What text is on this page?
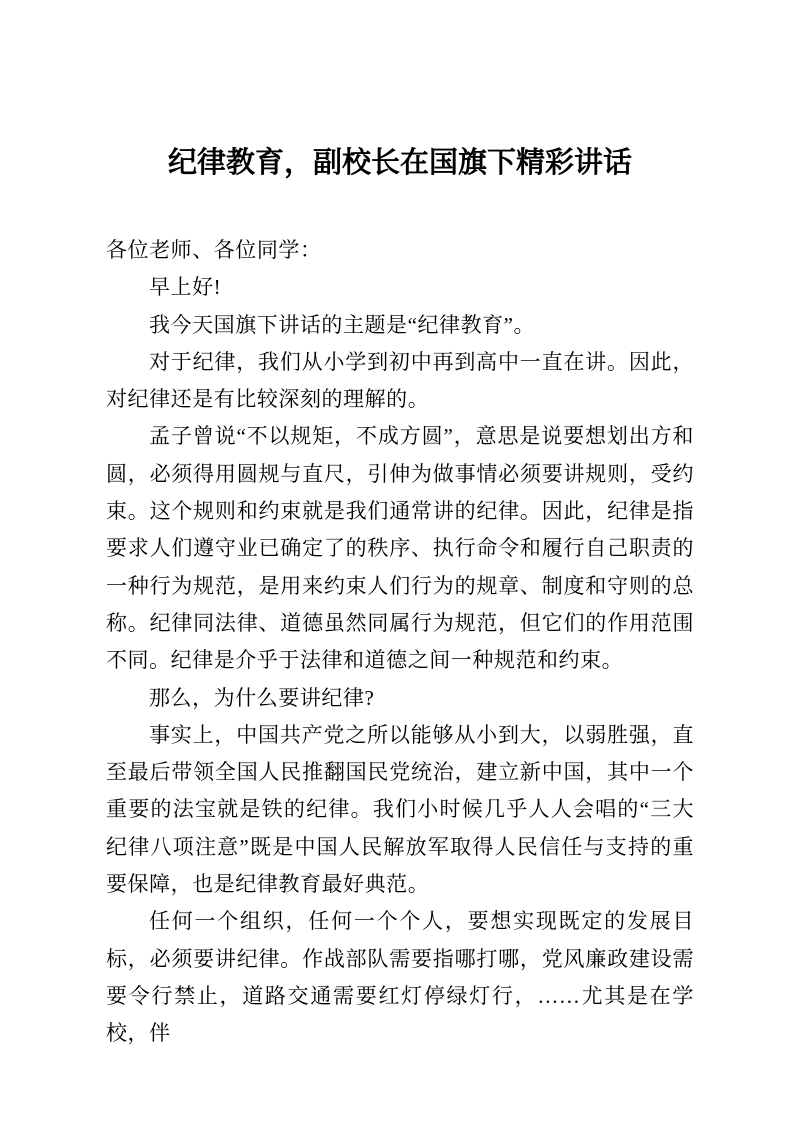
纪律教育，副校长在国旗下精彩讲话

各位老师、各位同学：

早上好!

我今天国旗下讲话的主题是“纪律教育”。

对于纪律，我们从小学到初中再到高中一直在讲。因此，对纪律还是有比较深刻的理解的。

孟子曾说“不以规矩，不成方圆”，意思是说要想划出方和圆，必须得用圆规与直尺，引伸为做事情必须要讲规则，受约束。这个规则和约束就是我们通常讲的纪律。因此，纪律是指要求人们遵守业已确定了的秩序、执行命令和履行自己职责的一种行为规范，是用来约束人们行为的规章、制度和守则的总称。纪律同法律、道德虽然同属行为规范，但它们的作用范围不同。纪律是介乎于法律和道德之间一种规范和约束。

那么，为什么要讲纪律?

事实上，中国共产党之所以能够从小到大，以弱胜强，直至最后带领全国人民推翻国民党统治，建立新中国，其中一个重要的法宝就是铁的纪律。我们小时候几乎人人会唱的“三大纪律八项注意”既是中国人民解放军取得人民信任与支持的重要保障，也是纪律教育最好典范。

任何一个组织，任何一个个人，要想实现既定的发展目标，必须要讲纪律。作战部队需要指哪打哪，党风廉政建设需要令行禁止，道路交通需要红灯停绿灯行，……尤其是在学校，伴
